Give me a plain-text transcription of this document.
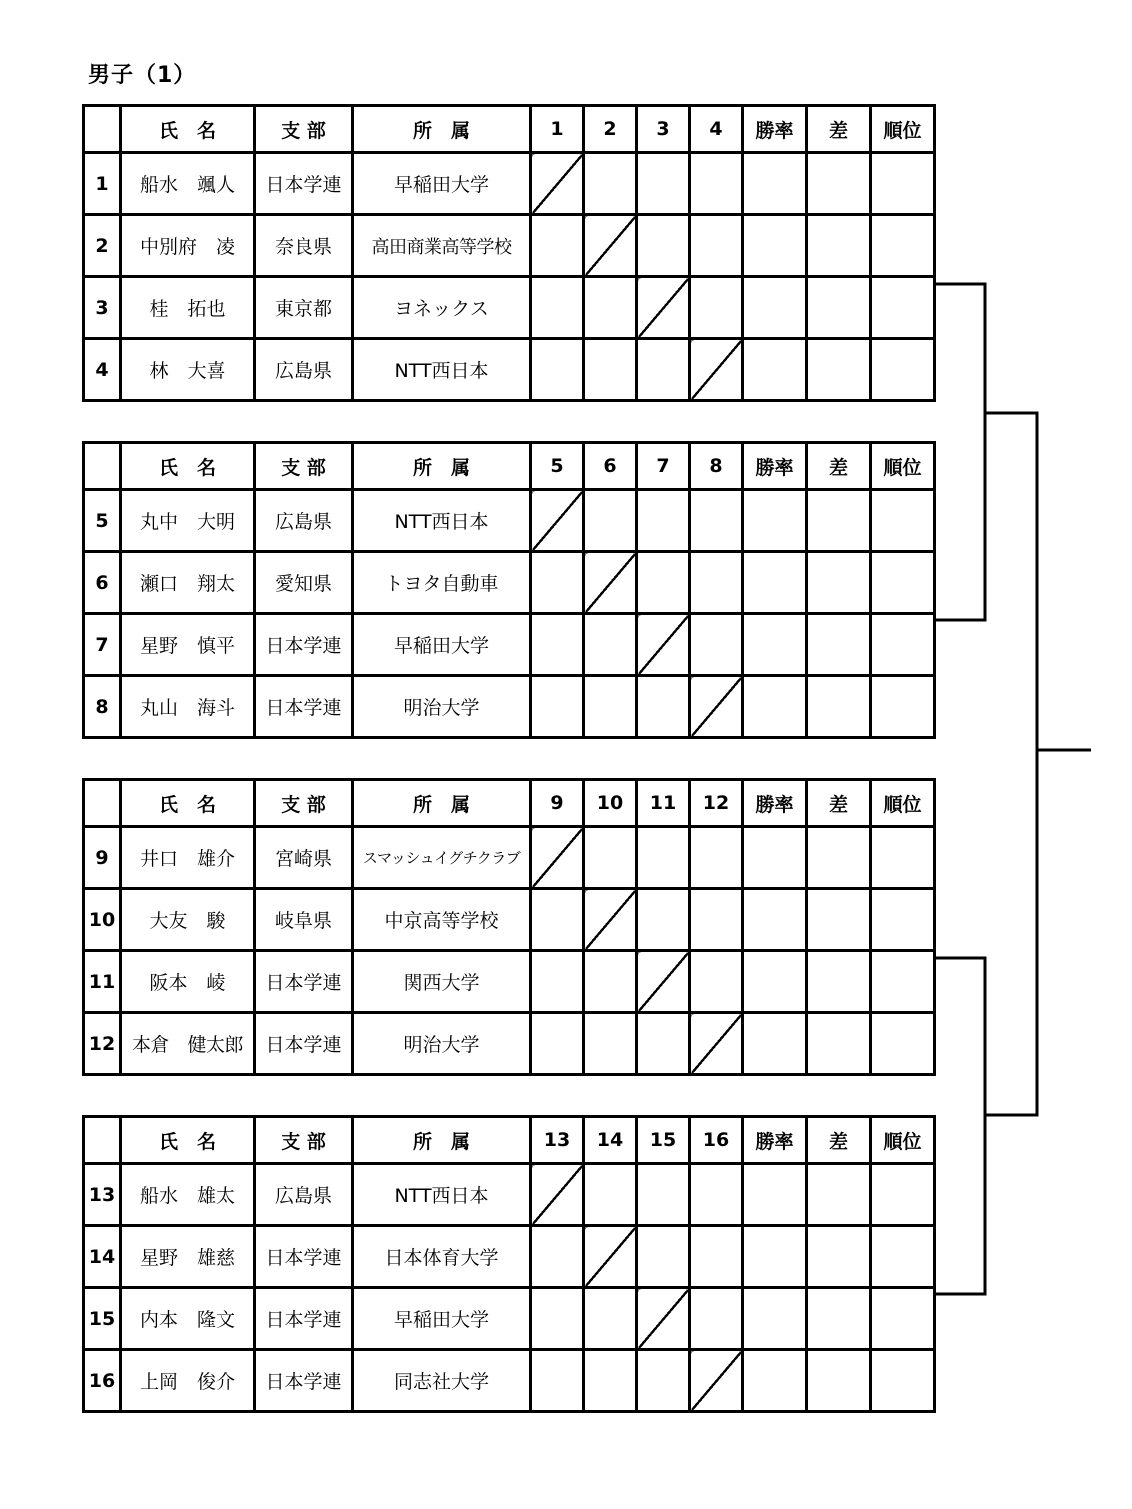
男子（1）
	氏　名	支 部	所　属	1	2	3	4	勝率	差	順位
1	船水　颯人	日本学連	早稲田大学							
2	中別府　凌	奈良県	高田商業高等学校							
3	桂　拓也	東京都	ヨネックス							
4	林　大喜	広島県	NTT西日本							
	氏　名	支 部	所　属	5	6	7	8	勝率	差	順位
5	丸中　大明	広島県	NTT西日本							
6	瀬口　翔太	愛知県	トヨタ自動車							
7	星野　慎平	日本学連	早稲田大学							
8	丸山　海斗	日本学連	明治大学							
	氏　名	支 部	所　属	9	10	11	12	勝率	差	順位
9	井口　雄介	宮崎県	スマッシュイグチクラブ							
10	大友　駿	岐阜県	中京高等学校							
11	阪本　崚	日本学連	関西大学							
12	本倉　健太郎	日本学連	明治大学							
	氏　名	支 部	所　属	13	14	15	16	勝率	差	順位
13	船水　雄太	広島県	NTT西日本							
14	星野　雄慈	日本学連	日本体育大学							
15	内本　隆文	日本学連	早稲田大学							
16	上岡　俊介	日本学連	同志社大学							
